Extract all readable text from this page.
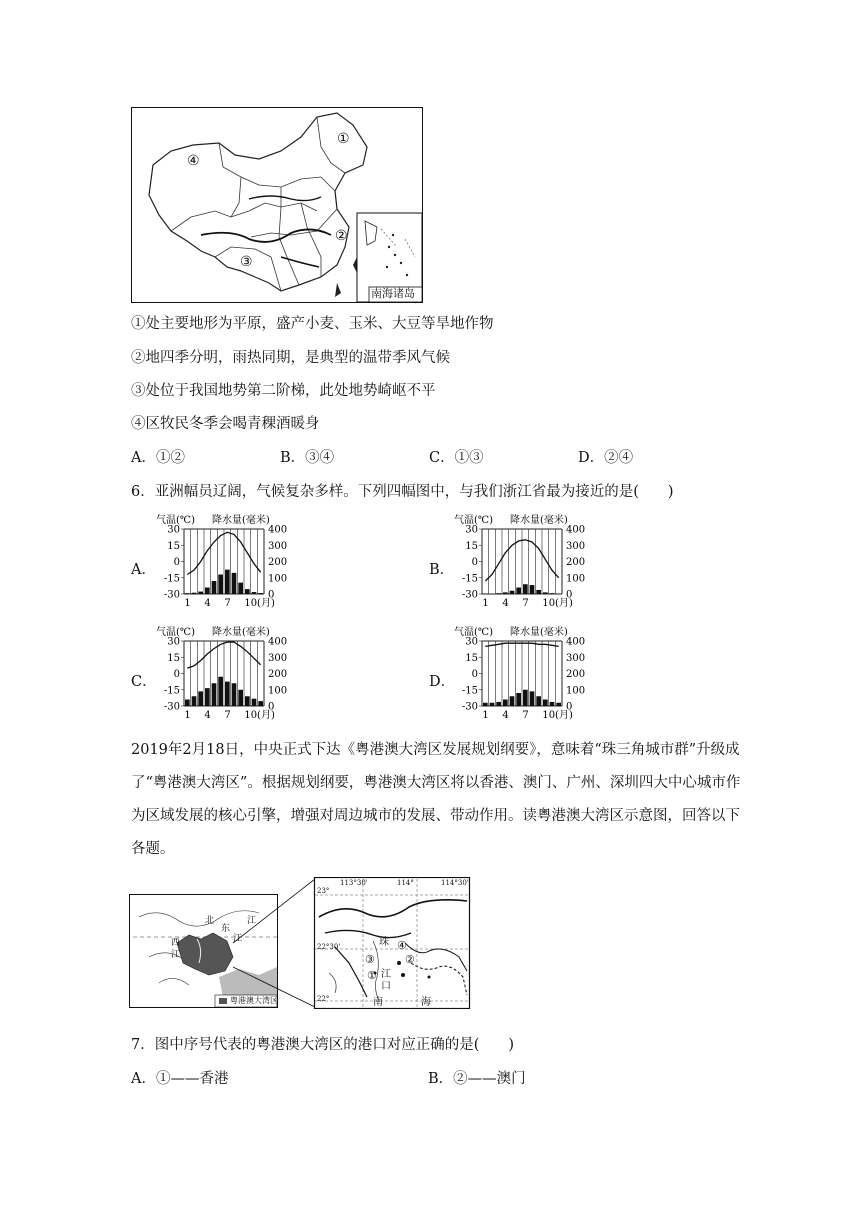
①
②
③
④
南海诸岛
①处主要地形为平原，盛产小麦、玉米、大豆等旱地作物
②地四季分明，雨热同期，是典型的温带季风气候
③处位于我国地势第二阶梯，此处地势崎岖不平
④区牧民冬季会喝青稞酒暖身
A．①②	B．③④	C．①③	D．②④
6．亚洲幅员辽阔，气候复杂多样。下列四幅图中，与我们浙江省最为接近的是(　　)
A．
气温(℃) 降水量(毫米)
30	400
15	300
0	200
-15	100
-30	0
1 4 7 10(月)
B．
气温(℃) 降水量(毫米)
30	400
15	300
0	200
-15	100
-30	0
1 4 7 10(月)
C．
气温(℃) 降水量(毫米)
30	400
15	300
0	200
-15	100
-30	0
1 4 7 10(月)
D．
气温(℃) 降水量(毫米)
30	400
15	300
0	200
-15	100
-30	0
1 4 7 10(月)
2019年2月18日，中央正式下达《粤港澳大湾区发展规划纲要》，意味着“珠三角城市群”升级成了“粤港澳大湾区”。根据规划纲要，粤港澳大湾区将以香港、澳门、广州、深圳四大中心城市作为区域发展的核心引擎，增强对周边城市的发展、带动作用。读粤港澳大湾区示意图，回答以下各题。
西
江
北
东
江
江
粤港澳大湾区
113°30'	114°	114°30'
23°
22°30'
22°
①
②
③
④
珠
江
口
南	海
7．图中序号代表的粤港澳大湾区的港口对应正确的是(　　)
A．①——香港	B．②——澳门
